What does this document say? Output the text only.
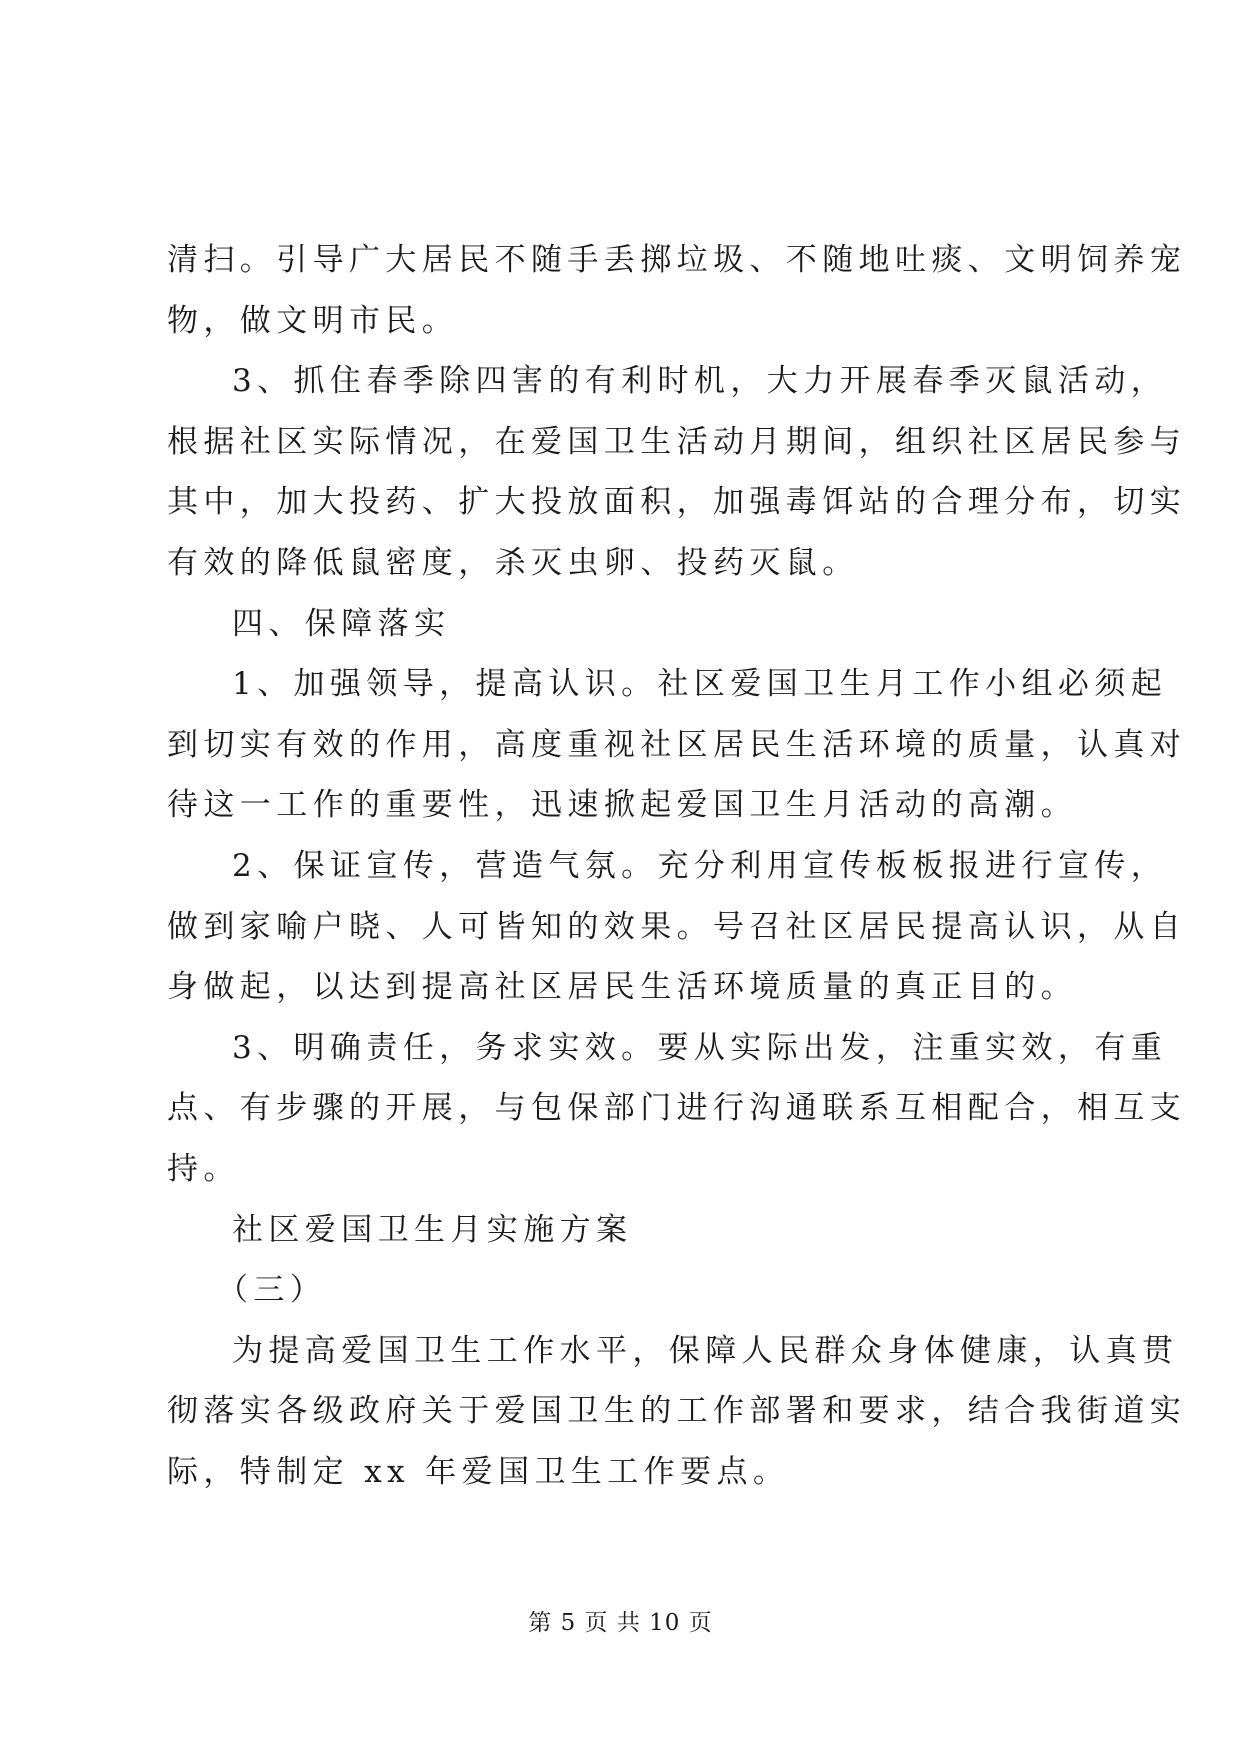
清扫。引导广大居民不随手丢掷垃圾、不随地吐痰、文明饲养宠
物，做文明市民。
3、抓住春季除四害的有利时机，大力开展春季灭鼠活动，
根据社区实际情况，在爱国卫生活动月期间，组织社区居民参与
其中，加大投药、扩大投放面积，加强毒饵站的合理分布，切实
有效的降低鼠密度，杀灭虫卵、投药灭鼠。
四、保障落实
1、加强领导，提高认识。社区爱国卫生月工作小组必须起
到切实有效的作用，高度重视社区居民生活环境的质量，认真对
待这一工作的重要性，迅速掀起爱国卫生月活动的高潮。
2、保证宣传，营造气氛。充分利用宣传板板报进行宣传，
做到家喻户晓、人可皆知的效果。号召社区居民提高认识，从自
身做起，以达到提高社区居民生活环境质量的真正目的。
3、明确责任，务求实效。要从实际出发，注重实效，有重
点、有步骤的开展，与包保部门进行沟通联系互相配合，相互支
持。
社区爱国卫生月实施方案
（三）
为提高爱国卫生工作水平，保障人民群众身体健康，认真贯
彻落实各级政府关于爱国卫生的工作部署和要求，结合我街道实
际，特制定 xx 年爱国卫生工作要点。
第 5 页 共 10 页
